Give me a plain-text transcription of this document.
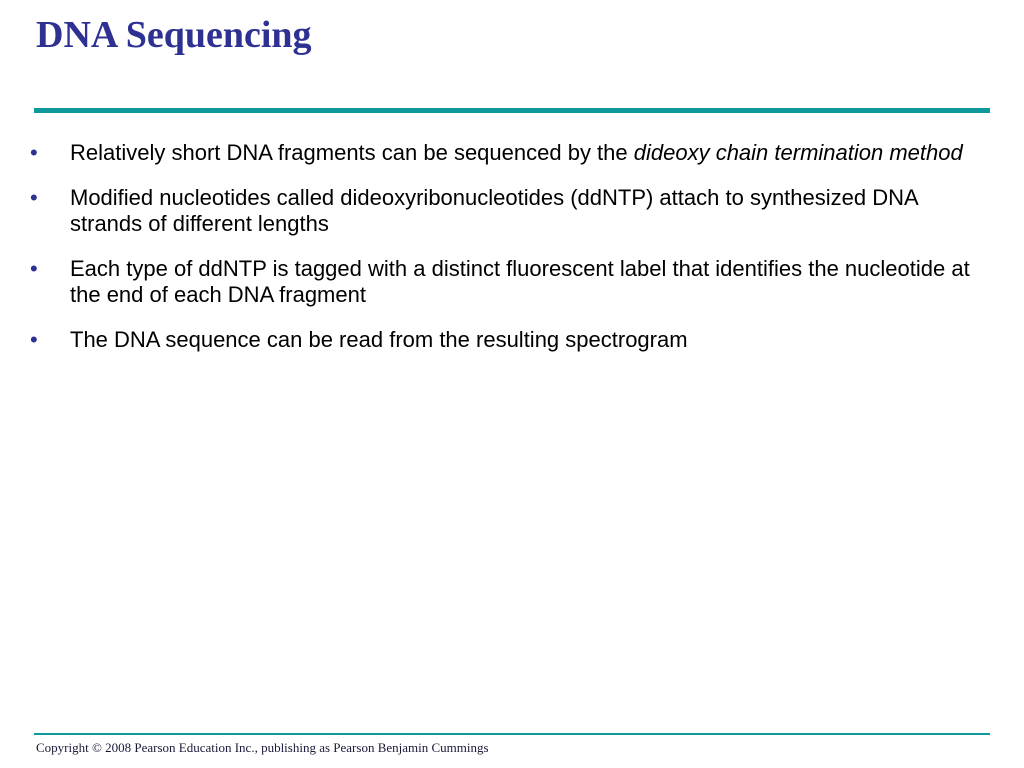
DNA Sequencing
• Relatively short DNA fragments can be sequenced by the dideoxy chain termination method
• Modified nucleotides called dideoxyribonucleotides (ddNTP) attach to synthesized DNA strands of different lengths
• Each type of ddNTP is tagged with a distinct fluorescent label that identifies the nucleotide at the end of each DNA fragment
• The DNA sequence can be read from the resulting spectrogram
Copyright © 2008 Pearson Education Inc., publishing as Pearson Benjamin Cummings
